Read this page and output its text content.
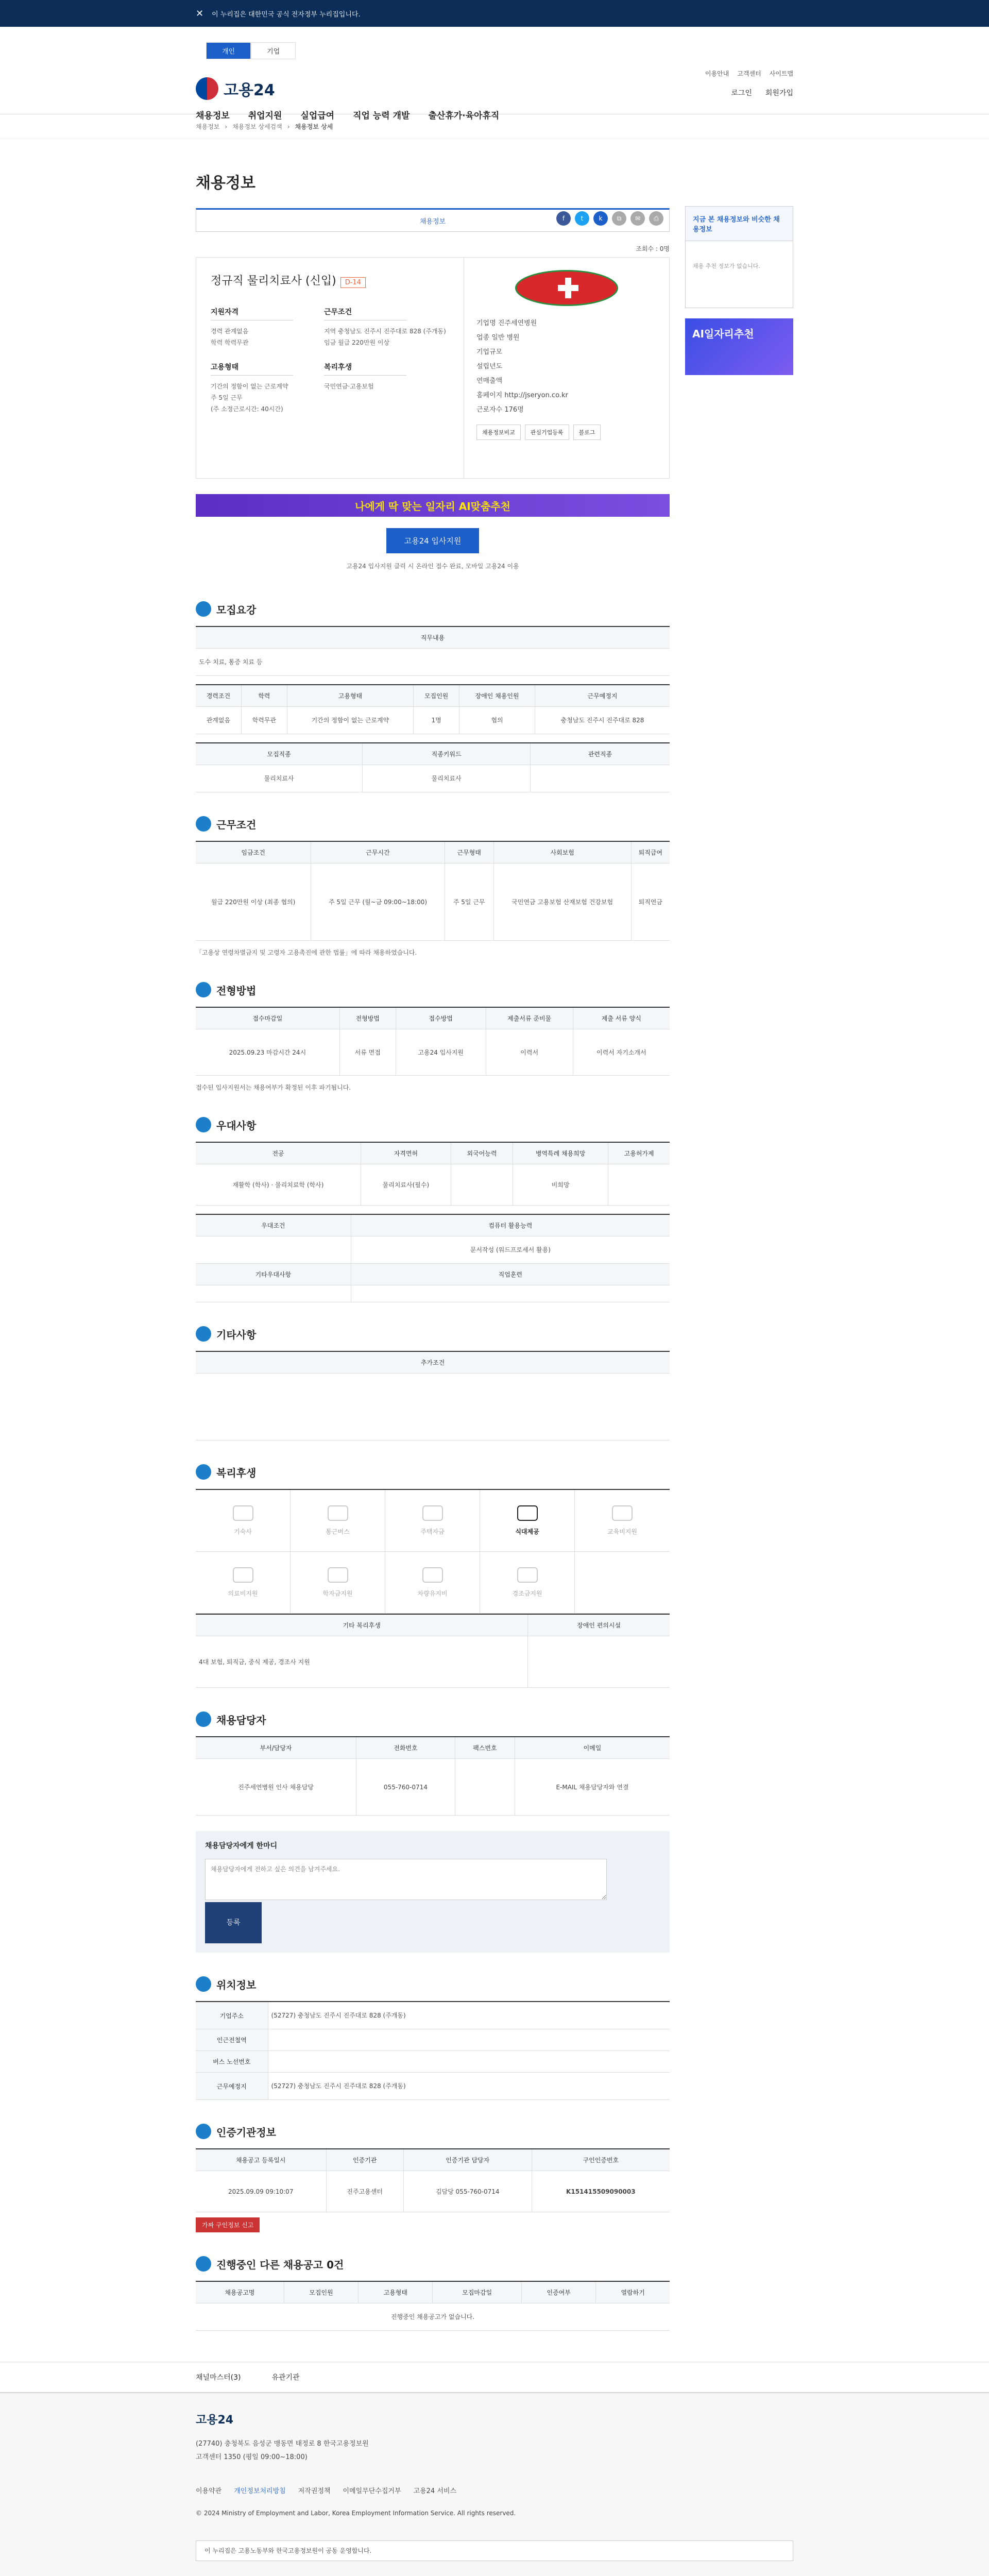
✕ 이 누리집은 대한민국 공식 전자정부 누리집입니다.
개인	기업
이용안내 고객센터 사이트맵
고용24	로그인 회원가입
채용정보 취업지원 실업급여 직업 능력 개발 출산휴가·육아휴직
채용정보 › 채용정보 상세검색 › 채용정보 상세
채용정보
f	t	k	⧉	✉	⎙
채용정보
조회수 : 0명
정규직 물리치료사 (신입) D-14
지원자격

경력 관계없음

학력 학력무관

근무조건

지역 충청남도 진주시 진주대로 828 (주개동)

임금 월급 220만원 이상

고용형태

기간의 정함이 없는 근로계약

주 5일 근무

(주 소정근로시간: 40시간)

복리후생

국민연금·고용보험

기업명 진주세연병원

업종 일반 병원

기업규모

설립년도

연매출액

홈페이지 http://jseryon.co.kr

근로자수 176명

채용정보비교	관심기업등록	블로그
나에게 딱 맞는 일자리 AI맞춤추천
고용24 입사지원

고용24 입사지원 클릭 시 온라인 접수 완료, 모바일 고용24 이용

모집요강
직무내용
도수 치료, 통증 치료 등

경력조건	학력	고용형태	모집인원	장애인 채용인원	근무예정지
관계없음	학력무관	기간의 정함이 없는 근로계약	1명	협의	충청남도 진주시 진주대로 828

모집직종	직종키워드	관련직종
물리치료사	물리치료사	
근무조건
임금조건	근무시간	근무형태	사회보험	퇴직급여
월급 220만원 이상 (최종 협의)	주 5일 근무 (월~금 09:00~18:00)	주 5일 근무	국민연금 고용보험 산재보험 건강보험	퇴직연금

「고용상 연령차별금지 및 고령자 고용촉진에 관한 법률」에 따라 채용하였습니다.

전형방법
접수마감일	전형방법	접수방법	제출서류 준비물	제출 서류 양식
2025.09.23 마감시간 24시	서류 면접	고용24 입사지원	이력서	이력서 자기소개서

접수된 입사지원서는 채용여부가 확정된 이후 파기됩니다.

우대사항
전공	자격면허	외국어능력	병역특례 채용희망	고용허가제
재활학 (학사) · 물리치료학 (학사)	물리치료사(필수)		비희망	

우대조건	컴퓨터 활용능력
	문서작성 (워드프로세서 활용)
기타우대사항	직업훈련

기타사항
추가조건

복리후생
기숙사	통근버스	주택자금	식대제공	교육비지원
의료비지원	학자금지원	차량유지비	경조금지원
기타 복리후생	장애인 편의시설
4대 보험, 퇴직금, 중식 제공, 경조사 지원	
채용담당자
부서/담당자	전화번호	팩스번호	이메일
진주세연병원 인사 채용담당	055-760-0714		E-MAIL 채용담당자와 연결
채용담당자에게 한마디

채용담당자에게 전하고 싶은 의견을 남겨주세요.등록
위치정보
기업주소	(52727) 충청남도 진주시 진주대로 828 (주개동)
인근전철역	
버스 노선번호	
근무예정지	(52727) 충청남도 진주시 진주대로 828 (주개동)
인증기관정보
채용공고 등록일시	인증기관	인증기관 담당자	구인인증번호
2025.09.09 09:10:07	진주고용센터	김담당 055-760-0714	K151415509090003
가짜 구인정보 신고
진행중인 다른 채용공고 0건
채용공고명	모집인원	고용형태	모집마감일	인증여부	열람하기
진행중인 채용공고가 없습니다.
지금 본 채용정보와 비슷한 채용정보
채용 추천 정보가 없습니다.
AI일자리추천
채널마스터(3)	유관기관
고용24

(27740) 충청북도 음성군 맹동면 태정로 8 한국고용정보원

고객센터 1350 (평일 09:00~18:00)

이용약관 개인정보처리방침 저작권정책 이메일무단수집거부 고용24 서비스

© 2024 Ministry of Employment and Labor, Korea Employment Information Service. All rights reserved.

이 누리집은 고용노동부와 한국고용정보원이 공동 운영합니다.
